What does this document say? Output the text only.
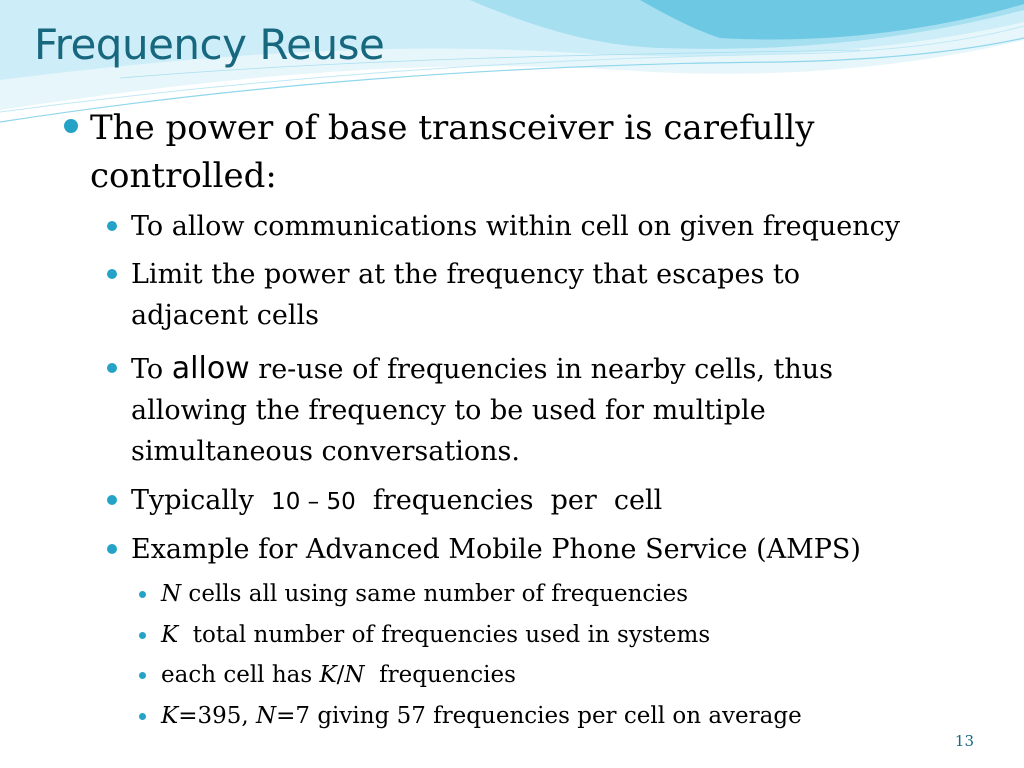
Frequency Reuse
The power of base transceiver is carefully controlled:
To allow communications within cell on given frequency
Limit the power at the frequency that escapes to adjacent cells
To allow re-use of frequencies in nearby cells, thus allowing the frequency to be used for multiple simultaneous conversations.
Typically  10 – 50  frequencies  per  cell
Example for Advanced Mobile Phone Service (AMPS)
N cells all using same number of frequencies
K  total number of frequencies used in systems
each cell has K/N  frequencies
K=395, N=7 giving 57 frequencies per cell on average
13
